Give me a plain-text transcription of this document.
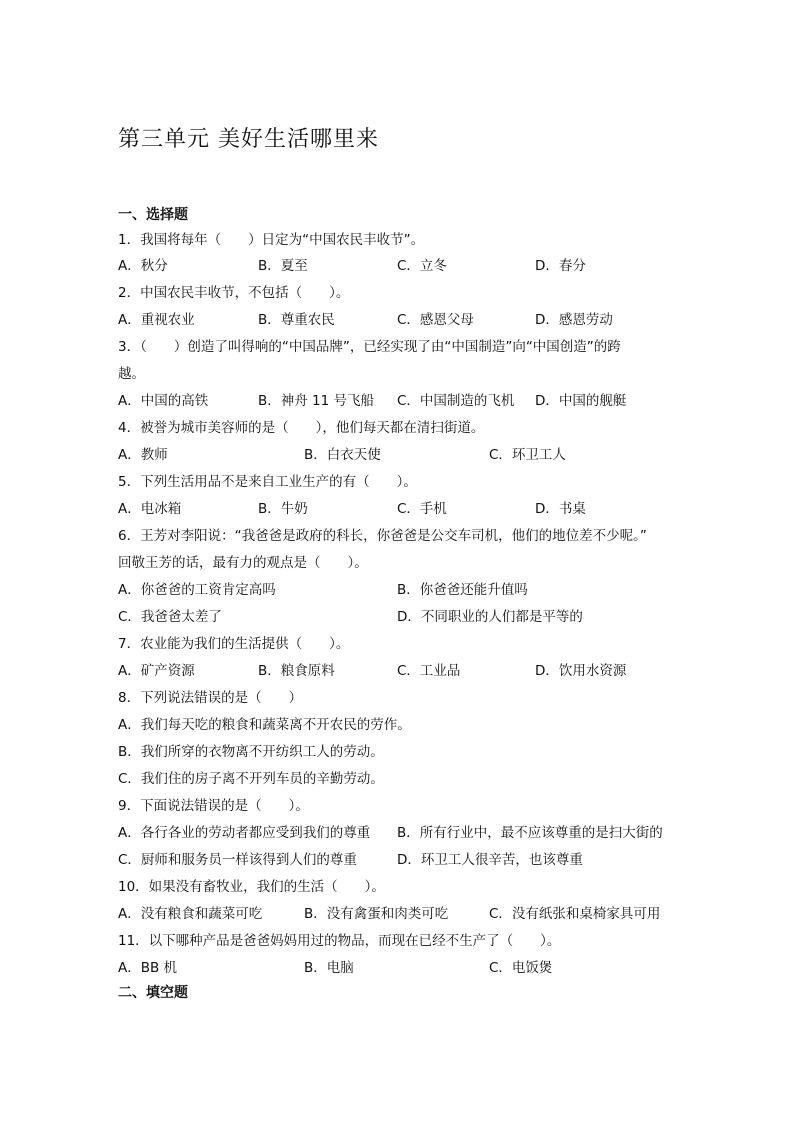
第三单元 美好生活哪里来
一、选择题
1．我国将每年（　　）日定为“中国农民丰收节”。
A．秋分	B．夏至	C．立冬	D．春分
2．中国农民丰收节，不包括（　　）。
A．重视农业	B．尊重农民	C．感恩父母	D．感恩劳动
3．（　　）创造了叫得响的“中国品牌”，已经实现了由“中国制造”向“中国创造”的跨
越。
A．中国的高铁	B．神舟 11 号飞船 C．中国制造的飞机 D．中国的舰艇
4．被誉为城市美容师的是（　　），他们每天都在清扫街道。
A．教师	B．白衣天使	C．环卫工人
5．下列生活用品不是来自工业生产的有（　　）。
A．电冰箱	B．牛奶	C．手机	D．书桌
6．王芳对李阳说：“我爸爸是政府的科长，你爸爸是公交车司机，他们的地位差不少呢。”
回敬王芳的话，最有力的观点是（　　）。
A．你爸爸的工资肯定高吗	B．你爸爸还能升值吗
C．我爸爸太差了	D．不同职业的人们都是平等的
7．农业能为我们的生活提供（　　）。
A．矿产资源	B．粮食原料	C．工业品	D．饮用水资源
8．下列说法错误的是（　　）
A．我们每天吃的粮食和蔬菜离不开农民的劳作。
B．我们所穿的衣物离不开纺织工人的劳动。
C．我们住的房子离不开列车员的辛勤劳动。
9．下面说法错误的是（　　）。
A．各行各业的劳动者都应受到我们的尊重 B．所有行业中，最不应该尊重的是扫大街的
C．厨师和服务员一样该得到人们的尊重	D．环卫工人很辛苦，也该尊重
10．如果没有畜牧业，我们的生活（　　）。
A．没有粮食和蔬菜可吃	B．没有禽蛋和肉类可吃	C．没有纸张和桌椅家具可用
11．以下哪种产品是爸爸妈妈用过的物品，而现在已经不生产了（　　）。
A．BB 机	B．电脑	C．电饭煲
二、填空题
